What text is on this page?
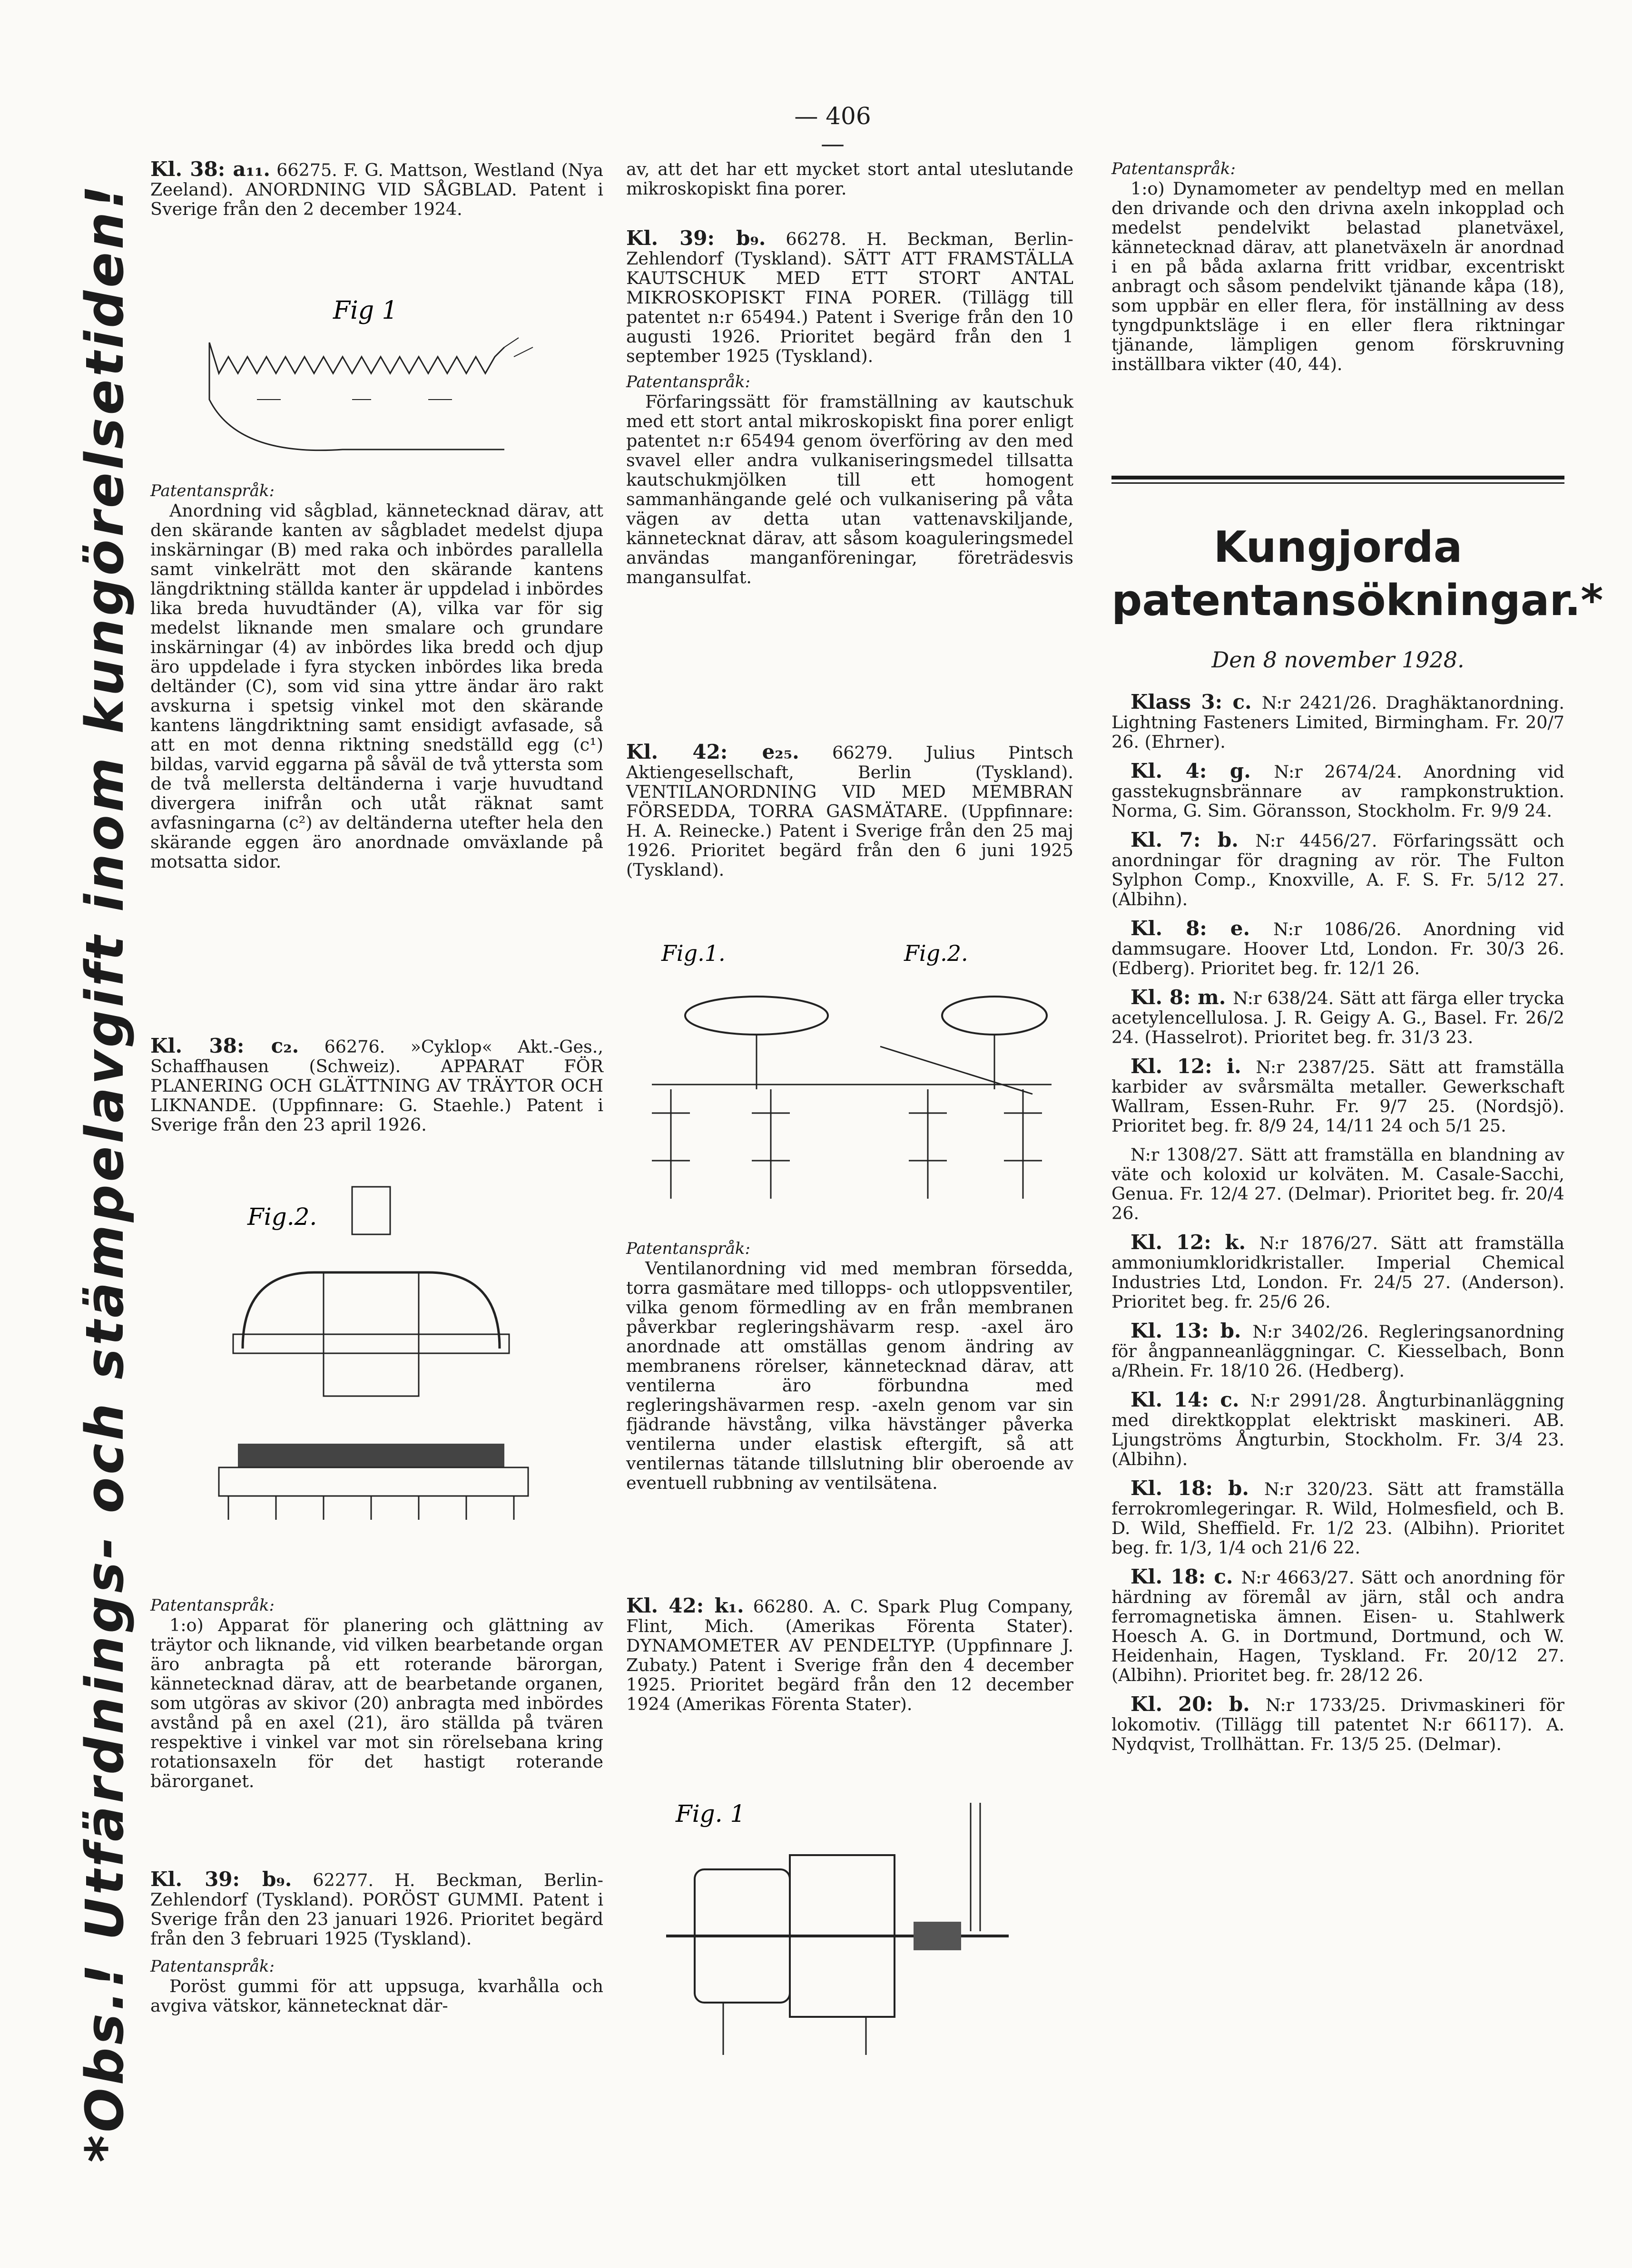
— 406 —
*Obs.! Utfärdnings- och stämpelavgift inom kungörelsetiden!

Kl. 38: a₁₁. 66275. F. G. Mattson, Westland (Nya Zeeland). ANORDNING VID SÅGBLAD. Patent i Sverige från den 2 december 1924.

Fig 1

Patentanspråk:

Anordning vid sågblad, kännetecknad därav, att den skärande kanten av sågbladet medelst djupa inskärningar (B) med raka och inbördes parallella samt vinkelrätt mot den skärande kantens längdriktning ställda kanter är uppdelad i inbördes lika breda huvudtänder (A), vilka var för sig medelst liknande men smalare och grundare inskärningar (4) av inbördes lika bredd och djup äro uppdelade i fyra stycken inbördes lika breda deltänder (C), som vid sina yttre ändar äro rakt avskurna i spetsig vinkel mot den skärande kantens längdriktning samt ensidigt avfasade, så att en mot denna riktning snedställd egg (c¹) bildas, varvid eggarna på såväl de två yttersta som de två mellersta deltänderna i varje huvudtand divergera inifrån och utåt räknat samt avfasningarna (c²) av deltänderna utefter hela den skärande eggen äro anordnade omväxlande på motsatta sidor.

Kl. 38: c₂. 66276. »Cyklop« Akt.-Ges., Schaffhausen (Schweiz). APPARAT FÖR PLANERING OCH GLÄTTNING AV TRÄYTOR OCH LIKNANDE. (Uppfinnare: G. Staehle.) Patent i Sverige från den 23 april 1926.

Fig.2.

Patentanspråk:

1:o) Apparat för planering och glättning av träytor och liknande, vid vilken bearbetande organ äro anbragta på ett roterande bärorgan, kännetecknad därav, att de bearbetande organen, som utgöras av skivor (20) anbragta med inbördes avstånd på en axel (21), äro ställda på tvären respektive i vinkel var mot sin rörelsebana kring rotationsaxeln för det hastigt roterande bärorganet.

Kl. 39: b₉. 62277. H. Beckman, Berlin-Zehlendorf (Tyskland). PORÖST GUMMI. Patent i Sverige från den 23 januari 1926. Prioritet begärd från den 3 februari 1925 (Tyskland).

Patentanspråk:

Poröst gummi för att uppsuga, kvarhålla och avgiva vätskor, kännetecknat där-

av, att det har ett mycket stort antal uteslutande mikroskopiskt fina porer.

Kl. 39: b₉. 66278. H. Beckman, Berlin-Zehlendorf (Tyskland). SÄTT ATT FRAMSTÄLLA KAUTSCHUK MED ETT STORT ANTAL MIKROSKOPISKT FINA PORER. (Tillägg till patentet n:r 65494.) Patent i Sverige från den 10 augusti 1926. Prioritet begärd från den 1 september 1925 (Tyskland).

Patentanspråk:

Förfaringssätt för framställning av kautschuk med ett stort antal mikroskopiskt fina porer enligt patentet n:r 65494 genom överföring av den med svavel eller andra vulkaniseringsmedel tillsatta kautschukmjölken till ett homogent sammanhängande gelé och vulkanisering på våta vägen av detta utan vattenavskiljande, kännetecknat därav, att såsom koaguleringsmedel användas manganföreningar, företrädesvis mangansulfat.

Kl. 42: e₂₅. 66279. Julius Pintsch Aktiengesellschaft, Berlin (Tyskland). VENTILANORDNING VID MED MEMBRAN FÖRSEDDA, TORRA GASMÄTARE. (Uppfinnare: H. A. Reinecke.) Patent i Sverige från den 25 maj 1926. Prioritet begärd från den 6 juni 1925 (Tyskland).

Fig.1.	Fig.2.

Patentanspråk:

Ventilanordning vid med membran försedda, torra gasmätare med tillopps- och utloppsventiler, vilka genom förmedling av en från membranen påverkbar regleringshävarm resp. -axel äro anordnade att omställas genom ändring av membranens rörelser, kännetecknad därav, att ventilerna äro förbundna med regleringshävarmen resp. -axeln genom var sin fjädrande hävstång, vilka hävstänger påverka ventilerna under elastisk eftergift, så att ventilernas tätande tillslutning blir oberoende av eventuell rubbning av ventilsätena.

Kl. 42: k₁. 66280. A. C. Spark Plug Company, Flint, Mich. (Amerikas Förenta Stater). DYNAMOMETER AV PENDELTYP. (Uppfinnare J. Zubaty.) Patent i Sverige från den 4 december 1925. Prioritet begärd från den 12 december 1924 (Amerikas Förenta Stater).

Fig. 1

Patentanspråk:

1:o) Dynamometer av pendeltyp med en mellan den drivande och den drivna axeln inkopplad och medelst pendelvikt belastad planetväxel, kännetecknad därav, att planetväxeln är anordnad i en på båda axlarna fritt vridbar, excentriskt anbragt och såsom pendelvikt tjänande kåpa (18), som uppbär en eller flera, för inställning av dess tyngdpunktsläge i en eller flera riktningar tjänande, lämpligen genom förskruvning inställbara vikter (40, 44).

Kungjorda patentansökningar.*
Den 8 november 1928.

Klass 3: c. N:r 2421/26. Draghäktanordning. Lightning Fasteners Limited, Birmingham. Fr. 20/7 26. (Ehrner).

Kl. 4: g. N:r 2674/24. Anordning vid gasstekugnsbrännare av rampkonstruktion. Norma, G. Sim. Göransson, Stockholm. Fr. 9/9 24.

Kl. 7: b. N:r 4456/27. Förfaringssätt och anordningar för dragning av rör. The Fulton Sylphon Comp., Knoxville, A. F. S. Fr. 5/12 27. (Albihn).

Kl. 8: e. N:r 1086/26. Anordning vid dammsugare. Hoover Ltd, London. Fr. 30/3 26. (Edberg). Prioritet beg. fr. 12/1 26.

Kl. 8: m. N:r 638/24. Sätt att färga eller trycka acetylencellulosa. J. R. Geigy A. G., Basel. Fr. 26/2 24. (Hasselrot). Prioritet beg. fr. 31/3 23.

Kl. 12: i. N:r 2387/25. Sätt att framställa karbider av svårsmälta metaller. Gewerkschaft Wallram, Essen-Ruhr. Fr. 9/7 25. (Nordsjö). Prioritet beg. fr. 8/9 24, 14/11 24 och 5/1 25.

N:r 1308/27. Sätt att framställa en blandning av väte och koloxid ur kolväten. M. Casale-Sacchi, Genua. Fr. 12/4 27. (Delmar). Prioritet beg. fr. 20/4 26.

Kl. 12: k. N:r 1876/27. Sätt att framställa ammoniumkloridkristaller. Imperial Chemical Industries Ltd, London. Fr. 24/5 27. (Anderson). Prioritet beg. fr. 25/6 26.

Kl. 13: b. N:r 3402/26. Regleringsanordning för ångpanneanläggningar. C. Kiesselbach, Bonn a/Rhein. Fr. 18/10 26. (Hedberg).

Kl. 14: c. N:r 2991/28. Ångturbinanläggning med direktkopplat elektriskt maskineri. AB. Ljungströms Ångturbin, Stockholm. Fr. 3/4 23. (Albihn).

Kl. 18: b. N:r 320/23. Sätt att framställa ferrokromlegeringar. R. Wild, Holmesfield, och B. D. Wild, Sheffield. Fr. 1/2 23. (Albihn). Prioritet beg. fr. 1/3, 1/4 och 21/6 22.

Kl. 18: c. N:r 4663/27. Sätt och anordning för härdning av föremål av järn, stål och andra ferromagnetiska ämnen. Eisen- u. Stahlwerk Hoesch A. G. in Dortmund, Dortmund, och W. Heidenhain, Hagen, Tyskland. Fr. 20/12 27. (Albihn). Prioritet beg. fr. 28/12 26.

Kl. 20: b. N:r 1733/25. Drivmaskineri för lokomotiv. (Tillägg till patentet N:r 66117). A. Nydqvist, Trollhättan. Fr. 13/5 25. (Delmar).
